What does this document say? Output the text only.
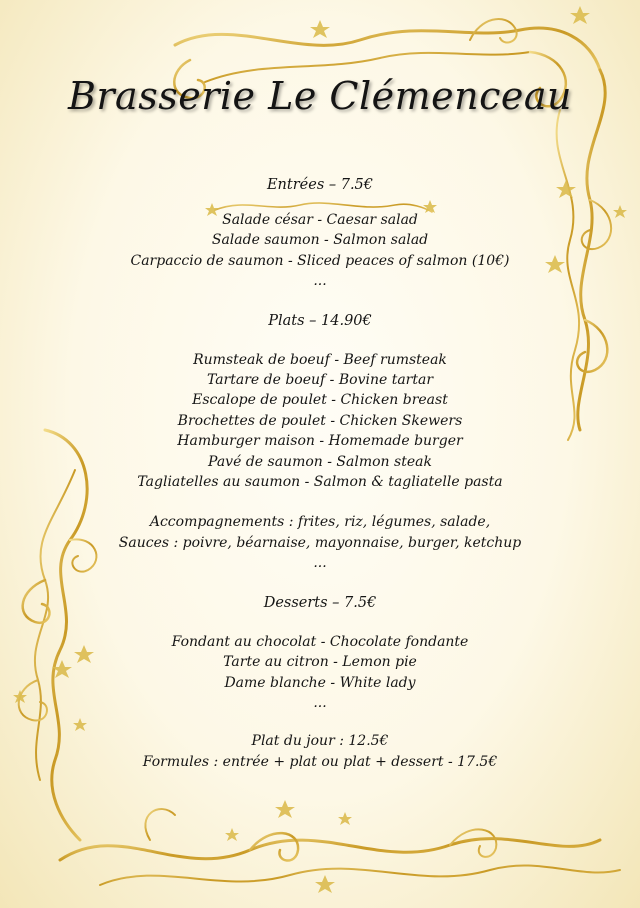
Brasserie Le Clémenceau
Entrées – 7.5€
Salade césar - Caesar salad
Salade saumon - Salmon salad
Carpaccio de saumon - Sliced peaces of salmon (10€)
...
Plats – 14.90€
Rumsteak de boeuf - Beef rumsteak
Tartare de boeuf - Bovine tartar
Escalope de poulet - Chicken breast
Brochettes de poulet - Chicken Skewers
Hamburger maison - Homemade burger
Pavé de saumon - Salmon steak
Tagliatelles au saumon - Salmon & tagliatelle pasta
Accompagnements : frites, riz, légumes, salade,
Sauces : poivre, béarnaise, mayonnaise, burger, ketchup
...
Desserts – 7.5€
Fondant au chocolat - Chocolate fondante
Tarte au citron - Lemon pie
Dame blanche - White lady
...
Plat du jour : 12.5€
Formules : entrée + plat ou plat + dessert - 17.5€
